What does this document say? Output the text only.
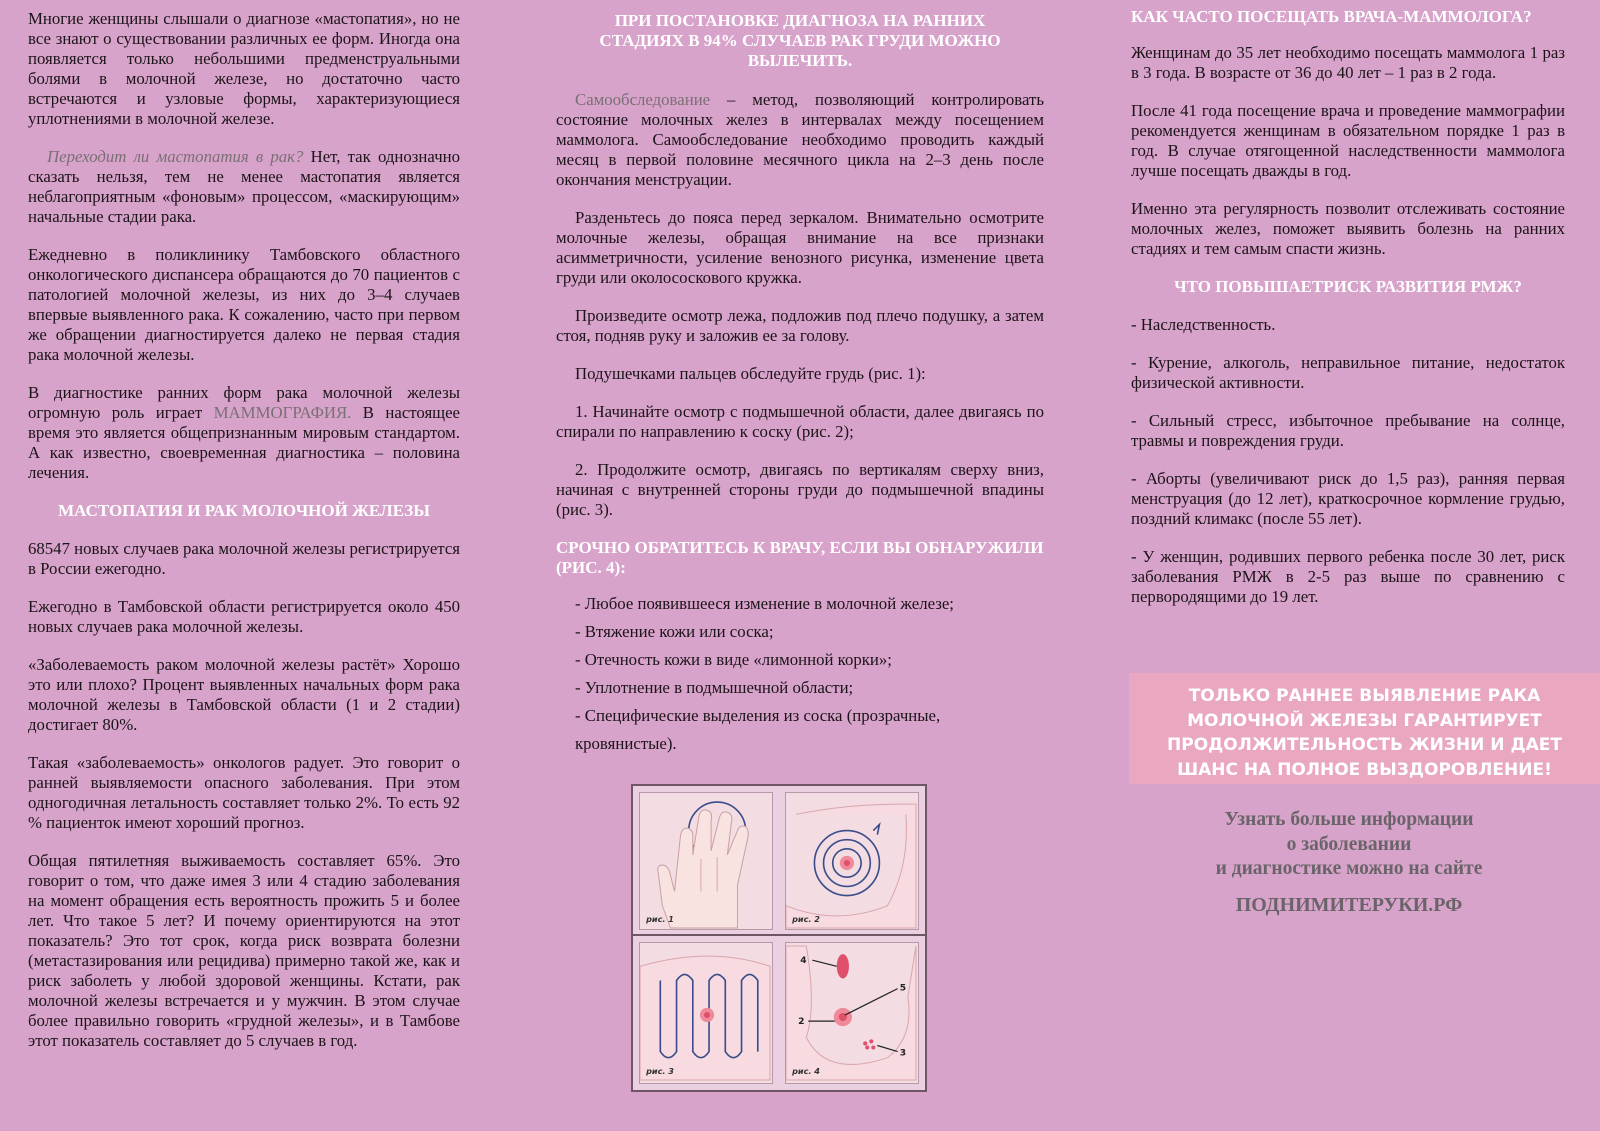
Многие женщины слышали о диагнозе «мастопатия», но не все знают о существовании различных ее форм. Иногда она появляется только небольшими предменструальными болями в молочной железе, но достаточно часто встречаются и узловые формы, характеризующиеся уплотнениями в молочной железе.

Переходит ли мастопатия в рак? Нет, так однозначно сказать нельзя, тем не менее мастопатия является неблагоприятным «фоновым» процессом, «маскирующим» начальные стадии рака.

Ежедневно в поликлинику Тамбовского областного онкологического диспансера обращаются до 70 пациентов с патологией молочной железы, из них до 3–4 случаев впервые выявленного рака. К сожалению, часто при первом же обращении диагностируется далеко не первая стадия рака молочной железы.

В диагностике ранних форм рака молочной железы огромную роль играет МАММОГРАФИЯ. В настоящее время это является общепризнанным мировым стандартом. А как известно, своевременная диагностика – половина лечения.

МАСТОПАТИЯ И РАК МОЛОЧНОЙ ЖЕЛЕЗЫ

68547 новых случаев рака молочной железы регистрируется в России ежегодно.

Ежегодно в Тамбовской области регистрируется около 450 новых случаев рака молочной железы.

«Заболеваемость раком молочной железы растёт» Хорошо это или плохо? Процент выявленных начальных форм рака молочной железы в Тамбовской области (1 и 2 стадии) достигает 80%.

Такая «заболеваемость» онкологов радует. Это говорит о ранней выявляемости опасного заболевания. При этом одногодичная летальность составляет только 2%. То есть 92 % пациенток имеют хороший прогноз.

Общая пятилетняя выживаемость составляет 65%. Это говорит о том, что даже имея 3 или 4 стадию заболевания на момент обращения есть вероятность прожить 5 и более лет. Что такое 5 лет? И почему ориентируются на этот показатель? Это тот срок, когда риск возврата болезни (метастазирования или рецидива) примерно такой же, как и риск заболеть у любой здоровой женщины. Кстати, рак молочной железы встречается и у мужчин. В этом случае более правильно говорить «грудной железы», и в Тамбове этот показатель составляет до 5 случаев в год.

ПРИ ПОСТАНОВКЕ ДИАГНОЗА НА РАННИХ СТАДИЯХ В 94% СЛУЧАЕВ РАК ГРУДИ МОЖНО ВЫЛЕЧИТЬ.

Самообследование – метод, позволяющий контролировать состояние молочных желез в интервалах между посещением маммолога. Самообследование необходимо проводить каждый месяц в первой половине месячного цикла на 2–3 день после окончания менструации.

Разденьтесь до пояса перед зеркалом. Внимательно осмотрите молочные железы, обращая внимание на все признаки асимметричности, усиление венозного рисунка, изменение цвета груди или околососкового кружка.

Произведите осмотр лежа, подложив под плечо подушку, а затем стоя, подняв руку и заложив ее за голову.

Подушечками пальцев обследуйте грудь (рис. 1):

1. Начинайте осмотр с подмышечной области, далее двигаясь по спирали по направлению к соску (рис. 2);

2. Продолжите осмотр, двигаясь по вертикалям сверху вниз, начиная с внутренней стороны груди до подмышечной впадины (рис. 3).

СРОЧНО ОБРАТИТЕСЬ К ВРАЧУ, ЕСЛИ ВЫ ОБНАРУЖИЛИ (РИС. 4):
- Любое появившееся изменение в молочной железе;
- Втяжение кожи или соска;
- Отечность кожи в виде «лимонной корки»;
- Уплотнение в подмышечной области;
- Специфические выделения из соска (прозрачные, кровянистые).
рис. 1	рис. 2
рис. 3
4
5
2
3
рис. 4
КАК ЧАСТО ПОСЕЩАТЬ ВРАЧА-МАММОЛОГА?

Женщинам до 35 лет необходимо посещать маммолога 1 раз в 3 года. В возрасте от 36 до 40 лет – 1 раз в 2 года.

После 41 года посещение врача и проведение маммографии рекомендуется женщинам в обязательном порядке 1 раз в год. В случае отягощенной наследственности маммолога лучше посещать дважды в год.

Именно эта регулярность позволит отслеживать состояние молочных желез, поможет выявить болезнь на ранних стадиях и тем самым спасти жизнь.

ЧТО ПОВЫШАЕТРИСК РАЗВИТИЯ РМЖ?

- Наследственность.

- Курение, алкоголь, неправильное питание, недостаток физической активности.

- Сильный стресс, избыточное пребывание на солнце, травмы и повреждения груди.

- Аборты (увеличивают риск до 1,5 раз), ранняя первая менструация (до 12 лет), краткосрочное кормление грудью, поздний климакс (после 55 лет).

- У женщин, родивших первого ребенка после 30 лет, риск заболевания РМЖ в 2-5 раз выше по сравнению с первородящими до 19 лет.

ТОЛЬКО РАННЕЕ ВЫЯВЛЕНИЕ РАКА МОЛОЧНОЙ ЖЕЛЕЗЫ ГАРАНТИРУЕТ ПРОДОЛЖИТЕЛЬНОСТЬ ЖИЗНИ И ДАЕТ ШАНС НА ПОЛНОЕ ВЫЗДОРОВЛЕНИЕ!
Узнать больше информации
о заболевании
и диагностике можно на сайте
ПОДНИМИТЕРУКИ.РФ
